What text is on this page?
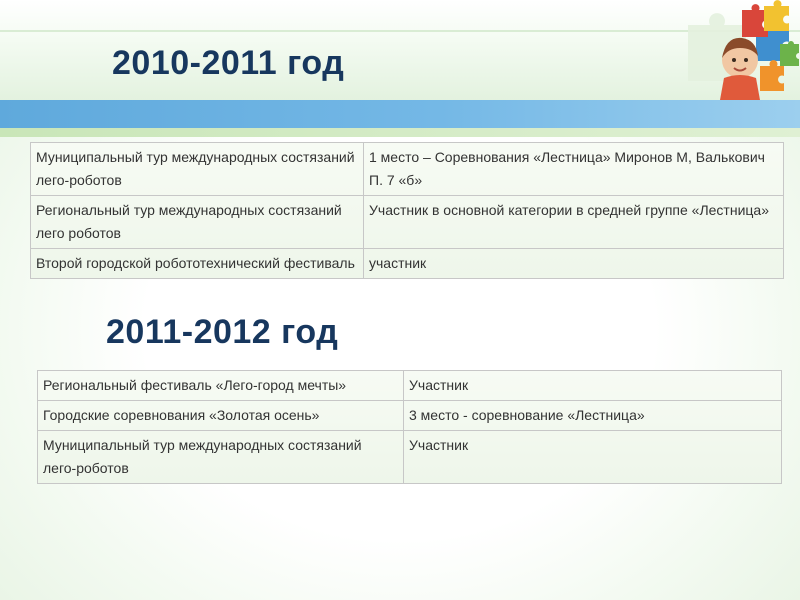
2010-2011 год
Муниципальный тур международных состязаний лего-роботов	1 место – Соревнования «Лестница» Миронов М, Валькович П. 7 «б»
Региональный тур международных состязаний лего роботов	Участник в основной категории в средней группе «Лестница»
Второй городской робототехнический фестиваль	участник
2011-2012 год
Региональный фестиваль «Лего-город мечты»	Участник
Городские соревнования «Золотая осень»	3 место - соревнование «Лестница»
Муниципальный тур международных состязаний лего-роботов	Участник
